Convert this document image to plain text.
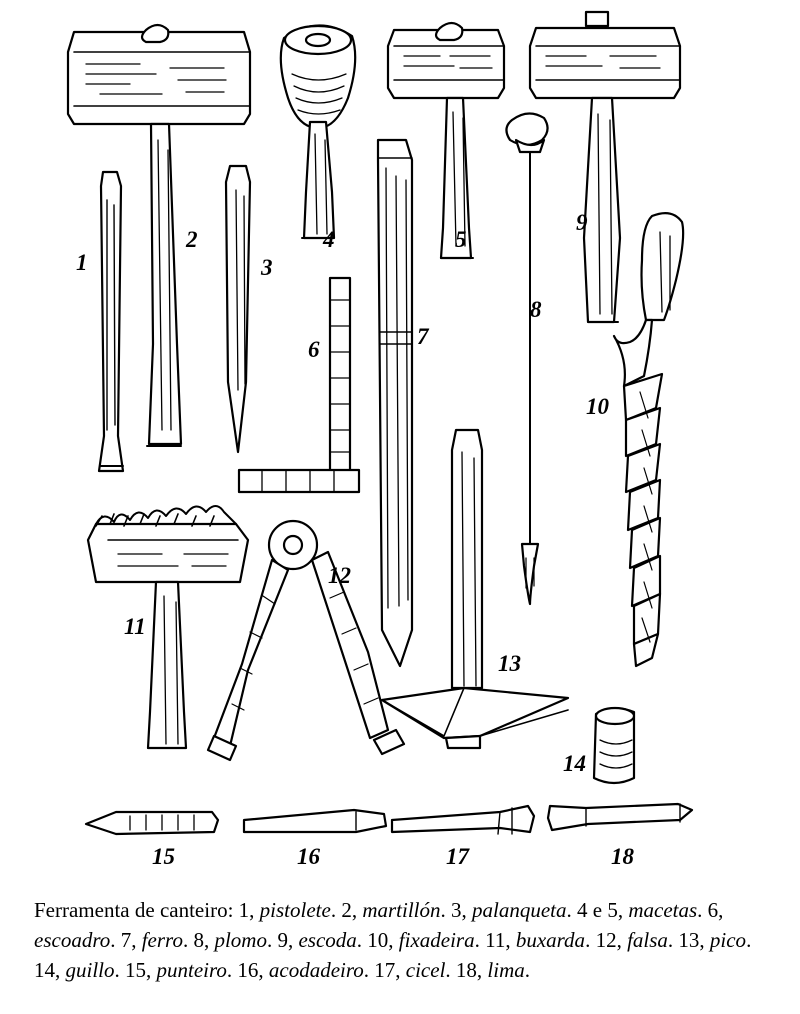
1
2
3
4	5
6
7
8
9
10
11
12
13
14
15	16	17	18
Ferramenta de canteiro: 1, pistolete. 2, martillón. 3, palanqueta. 4 e 5, macetas. 6, escoadro. 7, ferro. 8, plomo. 9, escoda. 10, fixadeira. 11, buxarda. 12, falsa. 13, pico. 14, guillo. 15, punteiro. 16, acodadeiro. 17, cicel. 18, lima.
